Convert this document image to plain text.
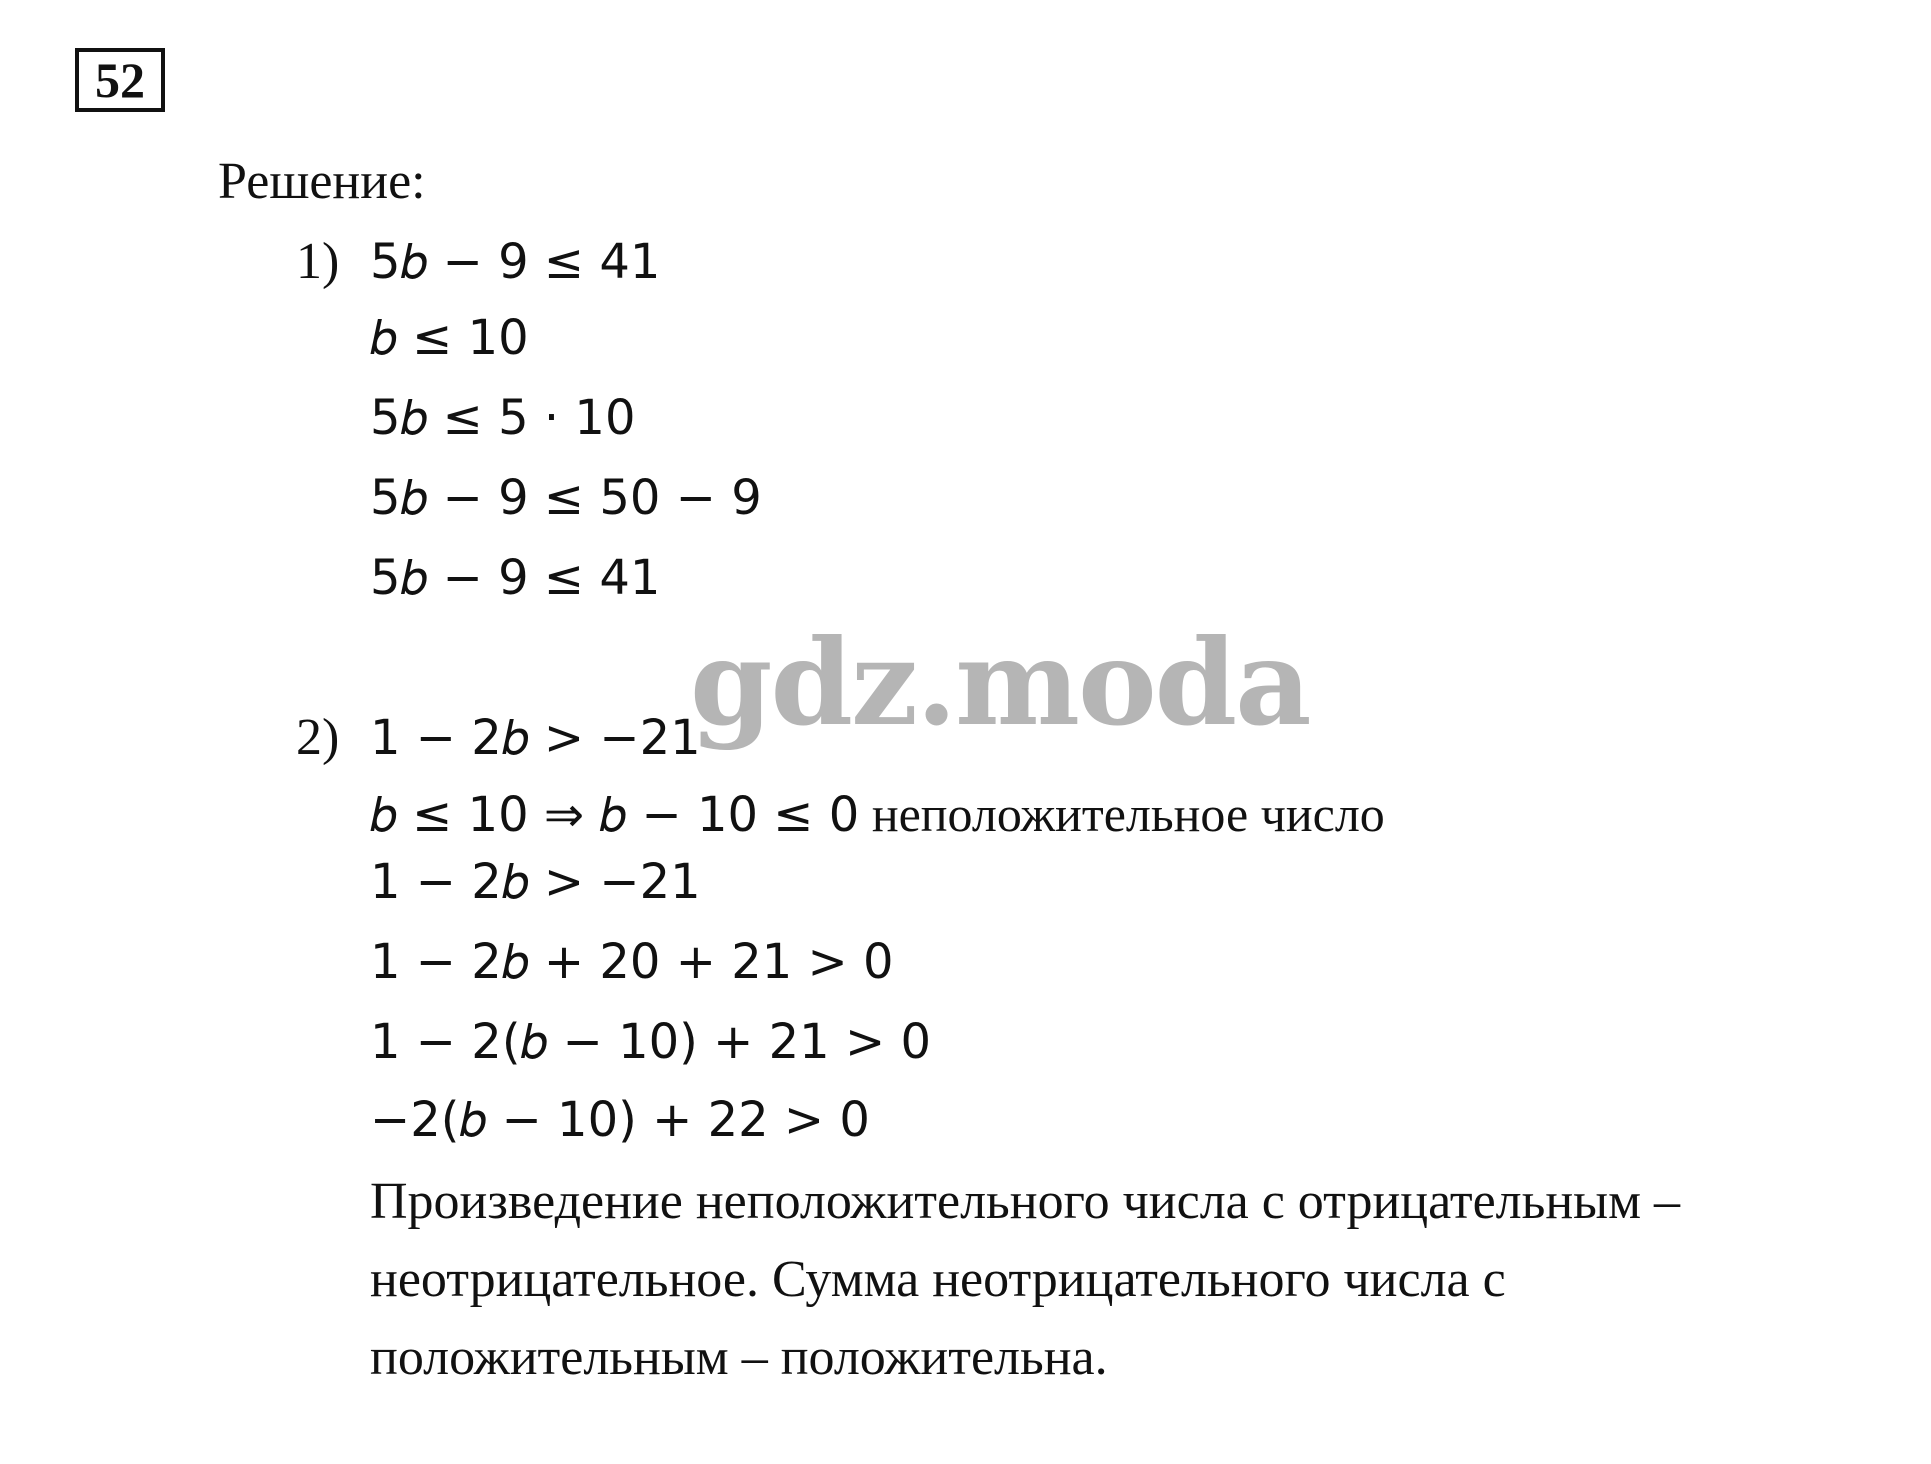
52
Решение:
1) 5𝑏 − 9 ≤ 41
𝑏 ≤ 10
5𝑏 ≤ 5 · 10
5𝑏 − 9 ≤ 50 − 9
5𝑏 − 9 ≤ 41
2) 1 − 2𝑏 > −21
𝑏 ≤ 10 ⇒ 𝑏 − 10 ≤ 0 неположительное число
1 − 2𝑏 > −21
1 − 2𝑏 + 20 + 21 > 0
1 − 2(𝑏 − 10) + 21 > 0
−2(𝑏 − 10) + 22 > 0
Произведение неположительного числа с отрицательным –
неотрицательное. Сумма неотрицательного числа с
положительным – положительна.
gdz.moda
